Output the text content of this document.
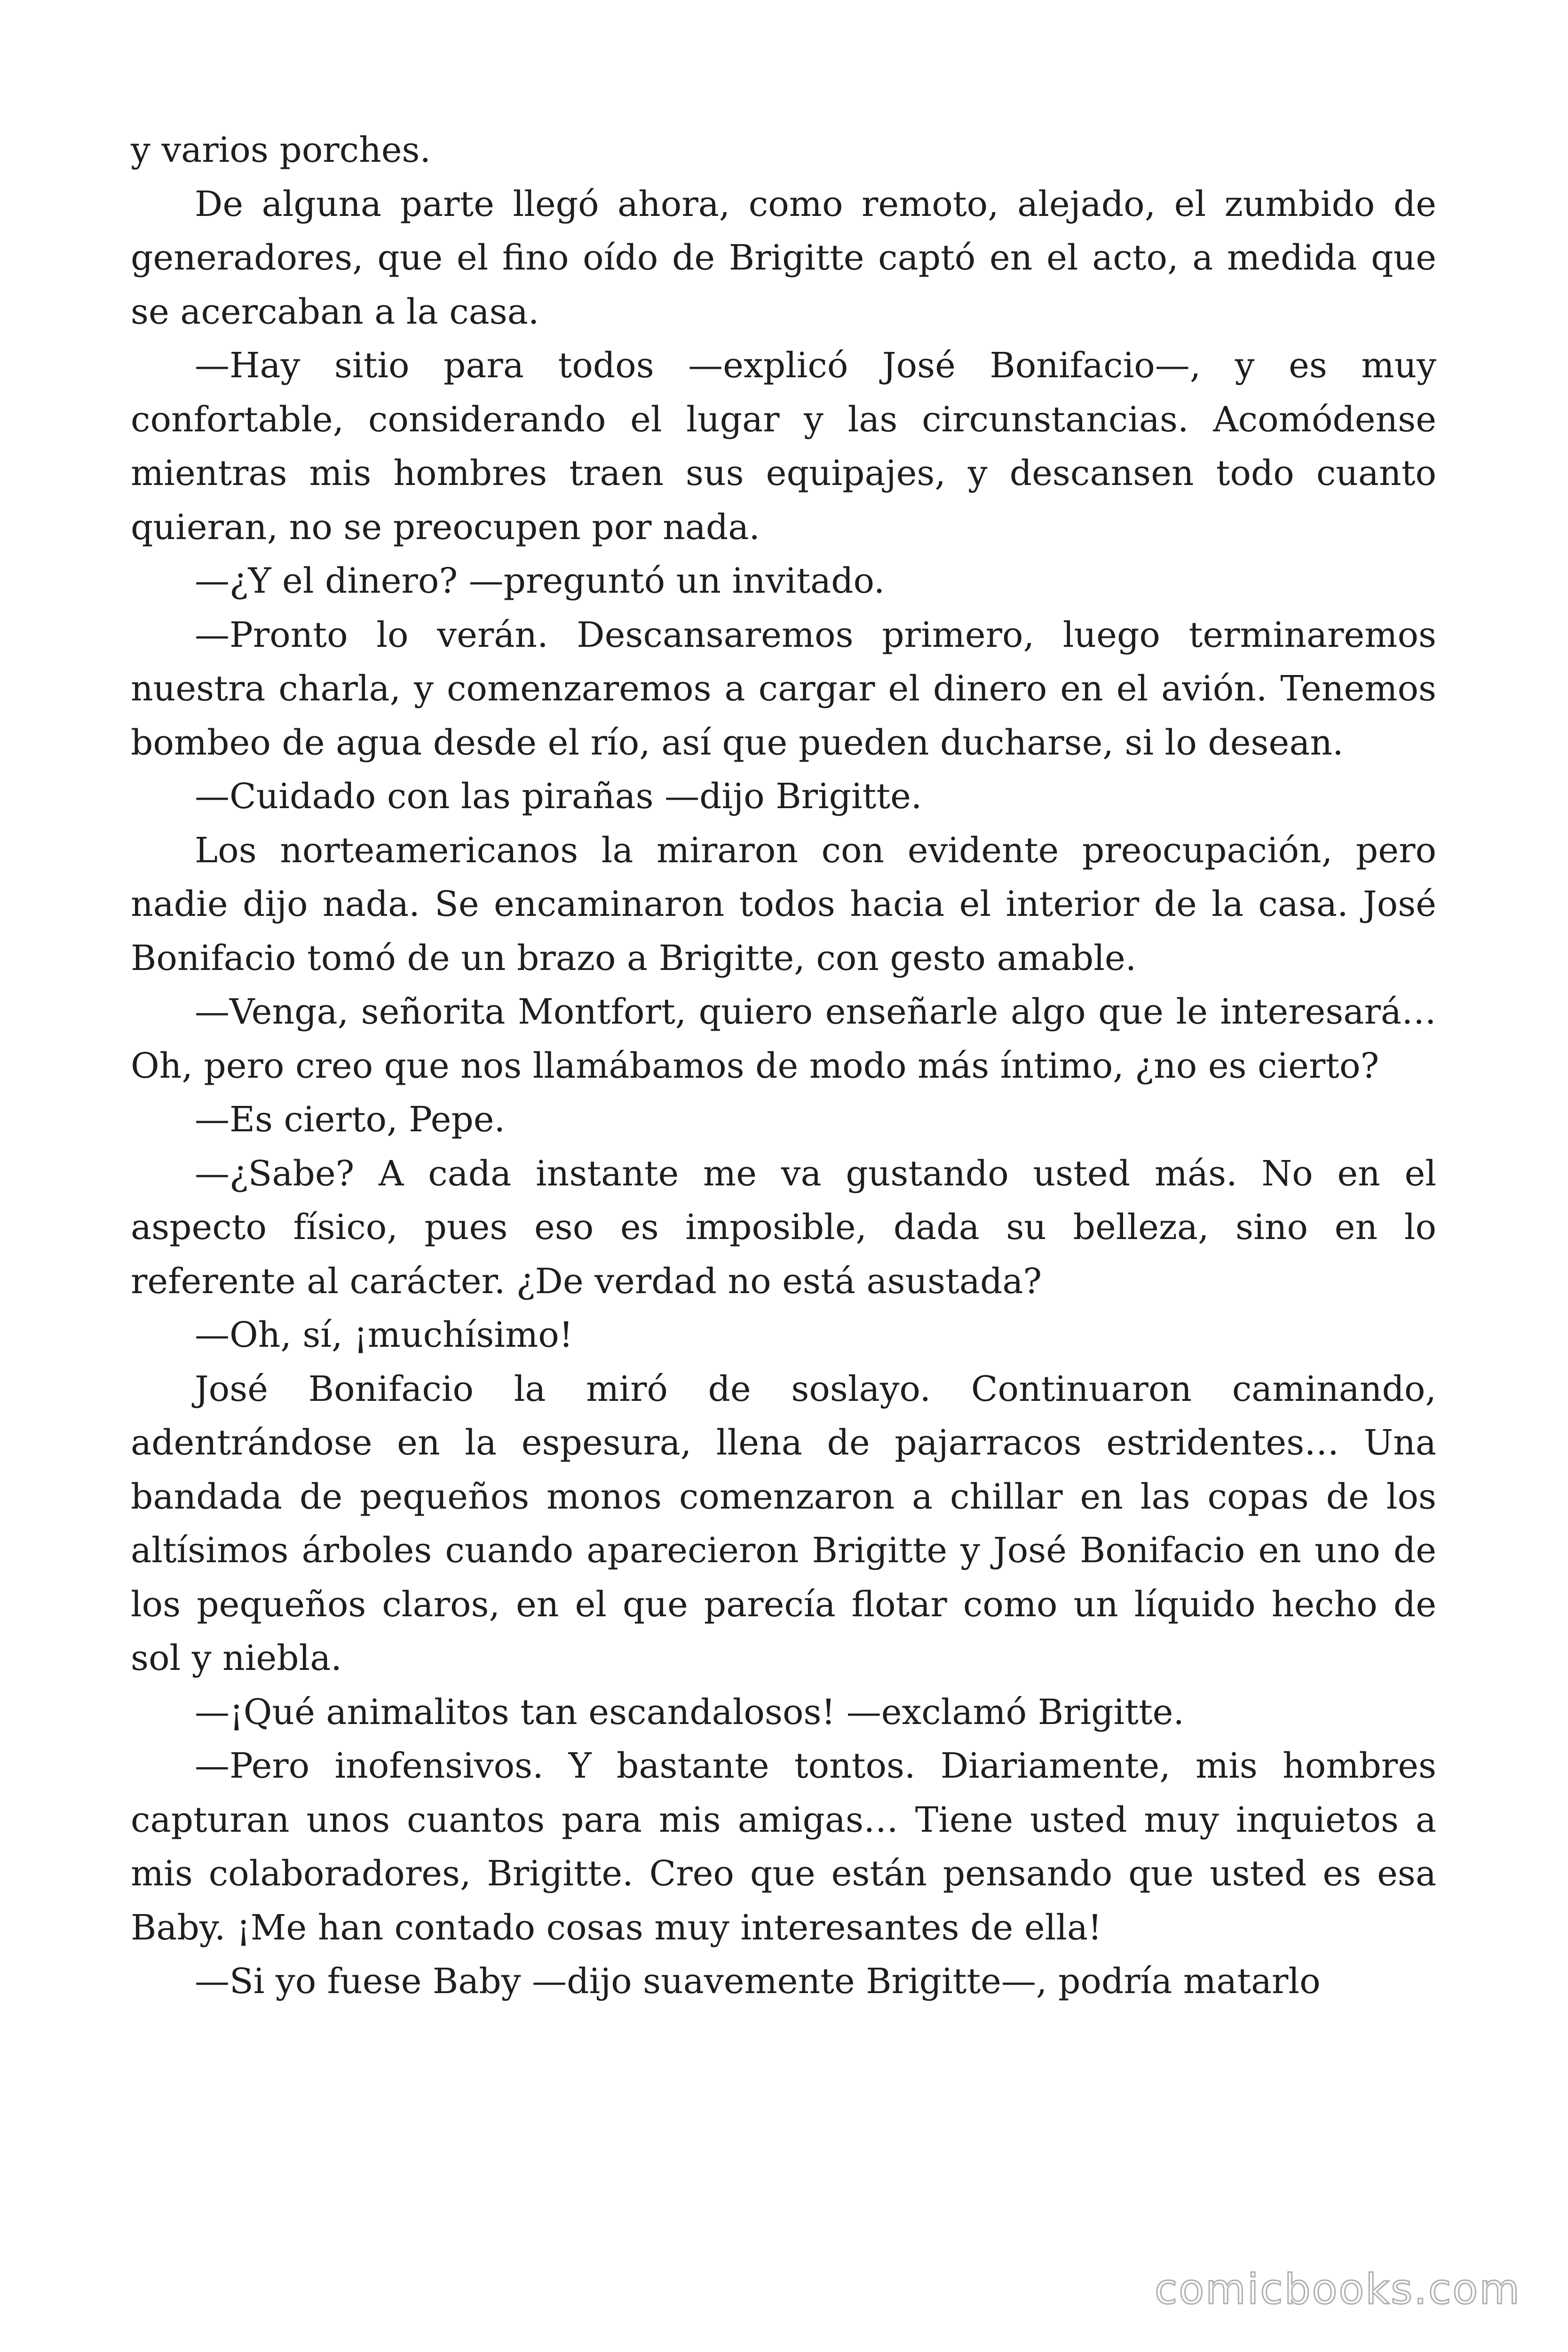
y varios porches.

De alguna parte llegó ahora, como remoto, alejado, el zumbido de generadores, que el fino oído de Brigitte captó en el acto, a medida que se acercaban a la casa.

—Hay sitio para todos —explicó José Bonifacio—, y es muy confortable, considerando el lugar y las circunstancias. Acomódense mientras mis hombres traen sus equipajes, y descansen todo cuanto quieran, no se preocupen por nada.

—¿Y el dinero? —preguntó un invitado.

—Pronto lo verán. Descansaremos primero, luego terminaremos nuestra charla, y comenzaremos a cargar el dinero en el avión. Tenemos bombeo de agua desde el río, así que pueden ducharse, si lo desean.

—Cuidado con las pirañas —dijo Brigitte.

Los norteamericanos la miraron con evidente preocupación, pero nadie dijo nada. Se encaminaron todos hacia el interior de la casa. José Bonifacio tomó de un brazo a Brigitte, con gesto amable.

—Venga, señorita Montfort, quiero enseñarle algo que le interesará… Oh, pero creo que nos llamábamos de modo más íntimo, ¿no es cierto?

—Es cierto, Pepe.

—¿Sabe? A cada instante me va gustando usted más. No en el aspecto físico, pues eso es imposible, dada su belleza, sino en lo referente al carácter. ¿De verdad no está asustada?

—Oh, sí, ¡muchísimo!

José Bonifacio la miró de soslayo. Continuaron caminando, adentrándose en la espesura, llena de pajarracos estridentes… Una bandada de pequeños monos comenzaron a chillar en las copas de los altísimos árboles cuando aparecieron Brigitte y José Bonifacio en uno de los pequeños claros, en el que parecía flotar como un líquido hecho de sol y niebla.

—¡Qué animalitos tan escandalosos! —exclamó Brigitte.

—Pero inofensivos. Y bastante tontos. Diariamente, mis hombres capturan unos cuantos para mis amigas… Tiene usted muy inquietos a mis colaboradores, Brigitte. Creo que están pensando que usted es esa Baby. ¡Me han contado cosas muy interesantes de ella!

—Si yo fuese Baby —dijo suavemente Brigitte—, podría matarlo

comicbooks.com
